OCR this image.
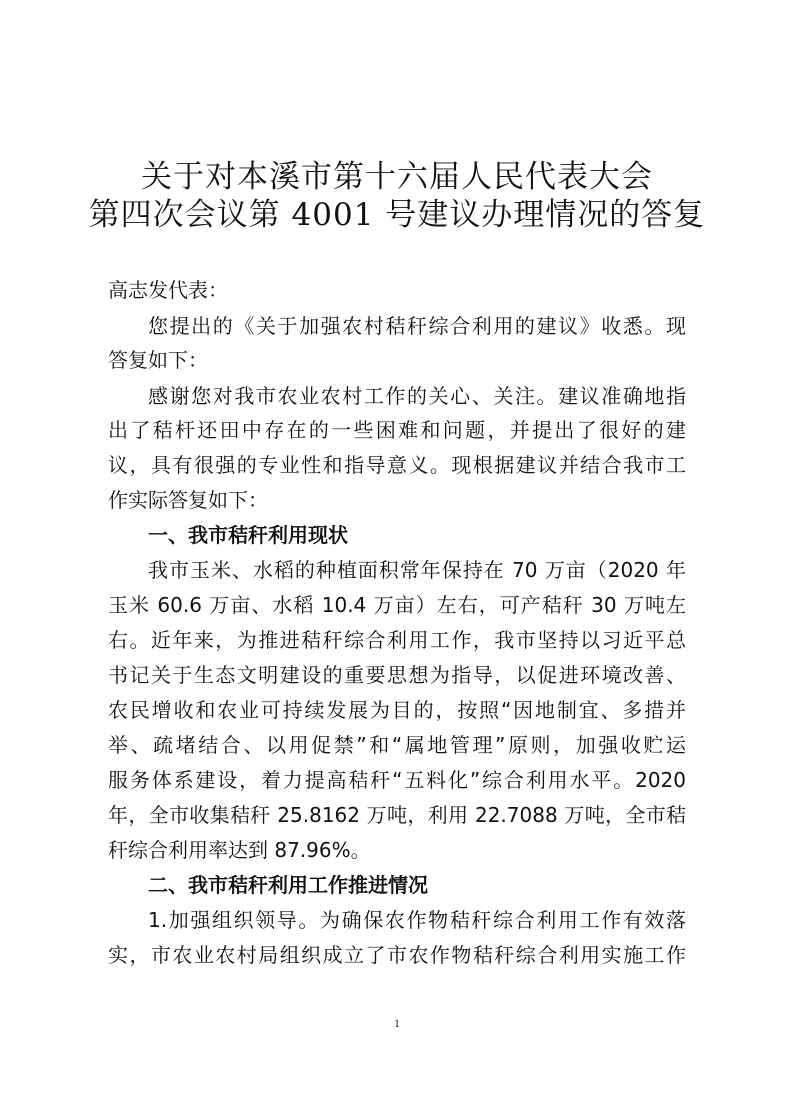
关于对本溪市第十六届人民代表大会
第四次会议第 4001 号建议办理情况的答复

高志发代表：

您提出的《关于加强农村秸秆综合利用的建议》收悉。现

答复如下：

感谢您对我市农业农村工作的关心、关注。建议准确地指

出了秸杆还田中存在的一些困难和问题，并提出了很好的建

议，具有很强的专业性和指导意义。现根据建议并结合我市工

作实际答复如下：

一、我市秸秆利用现状

我市玉米、水稻的种植面积常年保持在 70 万亩（2020 年

玉米 60.6 万亩、水稻 10.4 万亩）左右，可产秸秆 30 万吨左

右。近年来，为推进秸秆综合利用工作，我市坚持以习近平总

书记关于生态文明建设的重要思想为指导，以促进环境改善、

农民增收和农业可持续发展为目的，按照“因地制宜、多措并

举、疏堵结合、以用促禁”和“属地管理”原则，加强收贮运

服务体系建设，着力提高秸秆“五料化”综合利用水平。2020

年，全市收集秸秆 25.8162 万吨，利用 22.7088 万吨，全市秸

秆综合利用率达到 87.96%。

二、我市秸秆利用工作推进情况

1.加强组织领导。为确保农作物秸秆综合利用工作有效落

实，市农业农村局组织成立了市农作物秸秆综合利用实施工作

1
